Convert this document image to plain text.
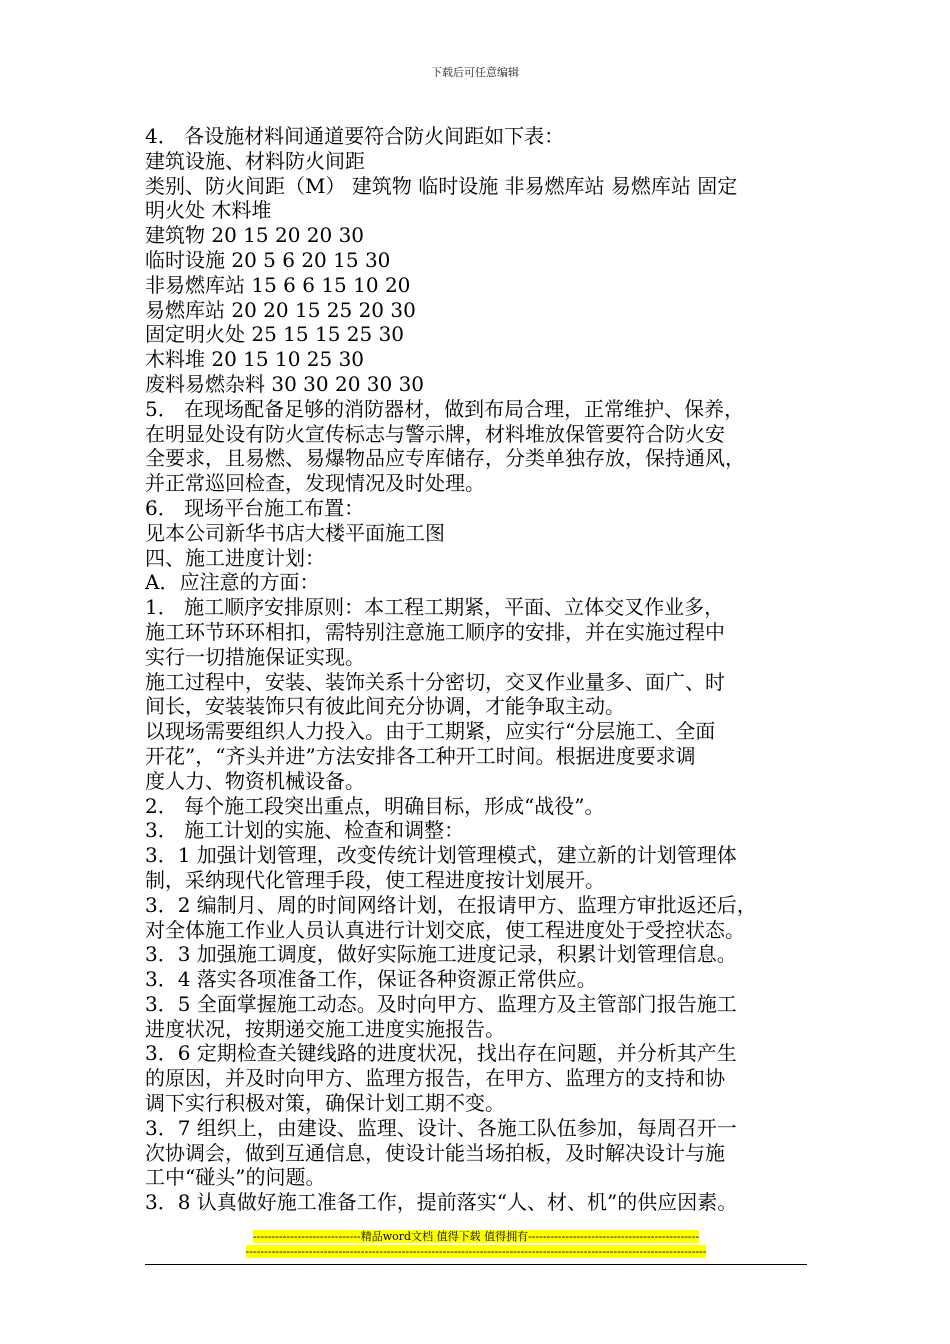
下载后可任意编辑
4． 各设施材料间通道要符合防火间距如下表：
建筑设施、材料防火间距
类别、防火间距（M） 建筑物 临时设施 非易燃库站 易燃库站 固定
明火处 木料堆
建筑物 20 15 20 20 30
临时设施 20 5 6 20 15 30
非易燃库站 15 6 6 15 10 20
易燃库站 20 20 15 25 20 30
固定明火处 25 15 15 25 30
木料堆 20 15 10 25 30
废料易燃杂料 30 30 20 30 30
5． 在现场配备足够的消防器材，做到布局合理，正常维护、保养，
在明显处设有防火宣传标志与警示牌，材料堆放保管要符合防火安
全要求，且易燃、易爆物品应专库储存，分类单独存放，保持通风，
并正常巡回检查，发现情况及时处理。
6． 现场平台施工布置：
见本公司新华书店大楼平面施工图
四、施工进度计划：
A．应注意的方面：
1． 施工顺序安排原则：本工程工期紧，平面、立体交叉作业多，
施工环节环环相扣，需特别注意施工顺序的安排，并在实施过程中
实行一切措施保证实现。
施工过程中，安装、装饰关系十分密切，交叉作业量多、面广、时
间长，安装装饰只有彼此间充分协调，才能争取主动。
以现场需要组织人力投入。由于工期紧，应实行“分层施工、全面
开花”，“齐头并进”方法安排各工种开工时间。根据进度要求调
度人力、物资机械设备。
2． 每个施工段突出重点，明确目标，形成“战役”。
3． 施工计划的实施、检查和调整：
3．1 加强计划管理，改变传统计划管理模式，建立新的计划管理体
制，采纳现代化管理手段，使工程进度按计划展开。
3．2 编制月、周的时间网络计划，在报请甲方、监理方审批返还后，
对全体施工作业人员认真进行计划交底，使工程进度处于受控状态。
3．3 加强施工调度，做好实际施工进度记录，积累计划管理信息。
3．4 落实各项准备工作，保证各种资源正常供应。
3．5 全面掌握施工动态。及时向甲方、监理方及主管部门报告施工
进度状况，按期递交施工进度实施报告。
3．6 定期检查关键线路的进度状况，找出存在问题，并分析其产生
的原因，并及时向甲方、监理方报告，在甲方、监理方的支持和协
调下实行积极对策，确保计划工期不变。
3．7 组织上，由建设、监理、设计、各施工队伍参加，每周召开一
次协调会，做到互通信息，使设计能当场拍板，及时解决设计与施
工中“碰头”的问题。
3．8 认真做好施工准备工作，提前落实“人、材、机”的供应因素。
-----------------------------精品word文档 值得下载 值得拥有----------------------------------------------
----------------------------------------------------------------------------------------------------------------------------
